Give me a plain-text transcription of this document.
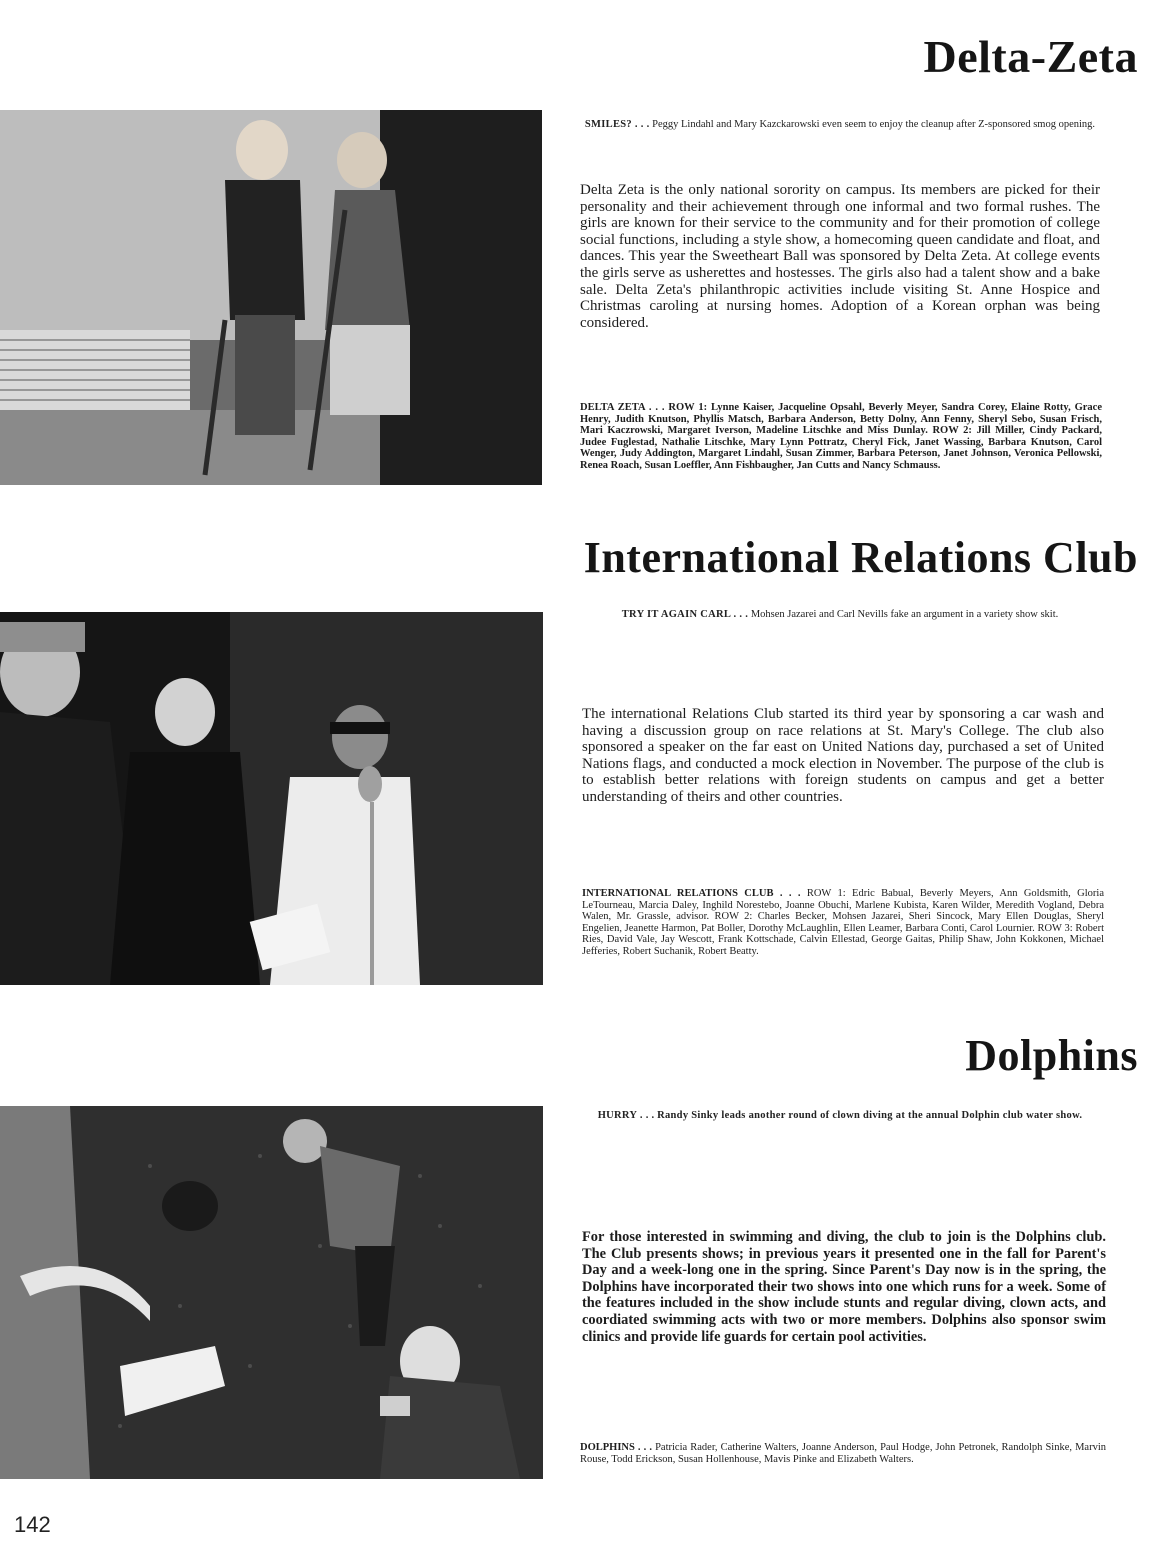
Delta-Zeta

SMILES? . . . Peggy Lindahl and Mary Kazckarowski even seem to enjoy the cleanup after Z-sponsored smog opening.

Delta Zeta is the only national sorority on campus. Its members are picked for their personality and their achievement through one informal and two formal rushes. The girls are known for their service to the community and for their promotion of college social functions, including a style show, a homecoming queen candidate and float, and dances. This year the Sweetheart Ball was sponsored by Delta Zeta. At college events the girls serve as usherettes and hostesses. The girls also had a talent show and a bake sale. Delta Zeta's philanthropic activities include visiting St. Anne Hospice and Christmas caroling at nursing homes. Adoption of a Korean orphan was being considered.

DELTA ZETA . . . ROW 1: Lynne Kaiser, Jacqueline Opsahl, Beverly Meyer, Sandra Corey, Elaine Rotty, Grace Henry, Judith Knutson, Phyllis Matsch, Barbara Anderson, Betty Dolny, Ann Fenny, Sheryl Sebo, Susan Frisch, Mari Kaczrowski, Margaret Iverson, Madeline Litschke and Miss Dunlay. ROW 2: Jill Miller, Cindy Packard, Judee Fuglestad, Nathalie Litschke, Mary Lynn Pottratz, Cheryl Fick, Janet Wassing, Barbara Knutson, Carol Wenger, Judy Addington, Margaret Lindahl, Susan Zimmer, Barbara Peterson, Janet Johnson, Veronica Pellowski, Renea Roach, Susan Loeffler, Ann Fishbaugher, Jan Cutts and Nancy Schmauss.

International Relations Club

TRY IT AGAIN CARL . . . Mohsen Jazarei and Carl Nevills fake an argument in a variety show skit.

The international Relations Club started its third year by sponsoring a car wash and having a discussion group on race relations at St. Mary's College. The club also sponsored a speaker on the far east on United Nations day, purchased a set of United Nations flags, and conducted a mock election in November. The purpose of the club is to establish better relations with foreign students on campus and get a better understanding of theirs and other countries.

INTERNATIONAL RELATIONS CLUB . . . ROW 1: Edric Babual, Beverly Meyers, Ann Goldsmith, Gloria LeTourneau, Marcia Daley, Inghild Norestebo, Joanne Obuchi, Marlene Kubista, Karen Wilder, Meredith Vogland, Debra Walen, Mr. Grassle, advisor. ROW 2: Charles Becker, Mohsen Jazarei, Sheri Sincock, Mary Ellen Douglas, Sheryl Engelien, Jeanette Harmon, Pat Boller, Dorothy McLaughlin, Ellen Leamer, Barbara Conti, Carol Lournier. ROW 3: Robert Ries, David Vale, Jay Wescott, Frank Kottschade, Calvin Ellestad, George Gaitas, Philip Shaw, John Kokkonen, Michael Jefferies, Robert Suchanik, Robert Beatty.

Dolphins

HURRY . . . Randy Sinky leads another round of clown diving at the annual Dolphin club water show.

For those interested in swimming and diving, the club to join is the Dolphins club. The Club presents shows; in previous years it presented one in the fall for Parent's Day and a week-long one in the spring. Since Parent's Day now is in the spring, the Dolphins have incorporated their two shows into one which runs for a week. Some of the features included in the show include stunts and regular diving, clown acts, and coordiated swimming acts with two or more members. Dolphins also sponsor swim clinics and provide life guards for certain pool activities.

DOLPHINS . . . Patricia Rader, Catherine Walters, Joanne Anderson, Paul Hodge, John Petronek, Randolph Sinke, Marvin Rouse, Todd Erickson, Susan Hollenhouse, Mavis Pinke and Elizabeth Walters.

142
